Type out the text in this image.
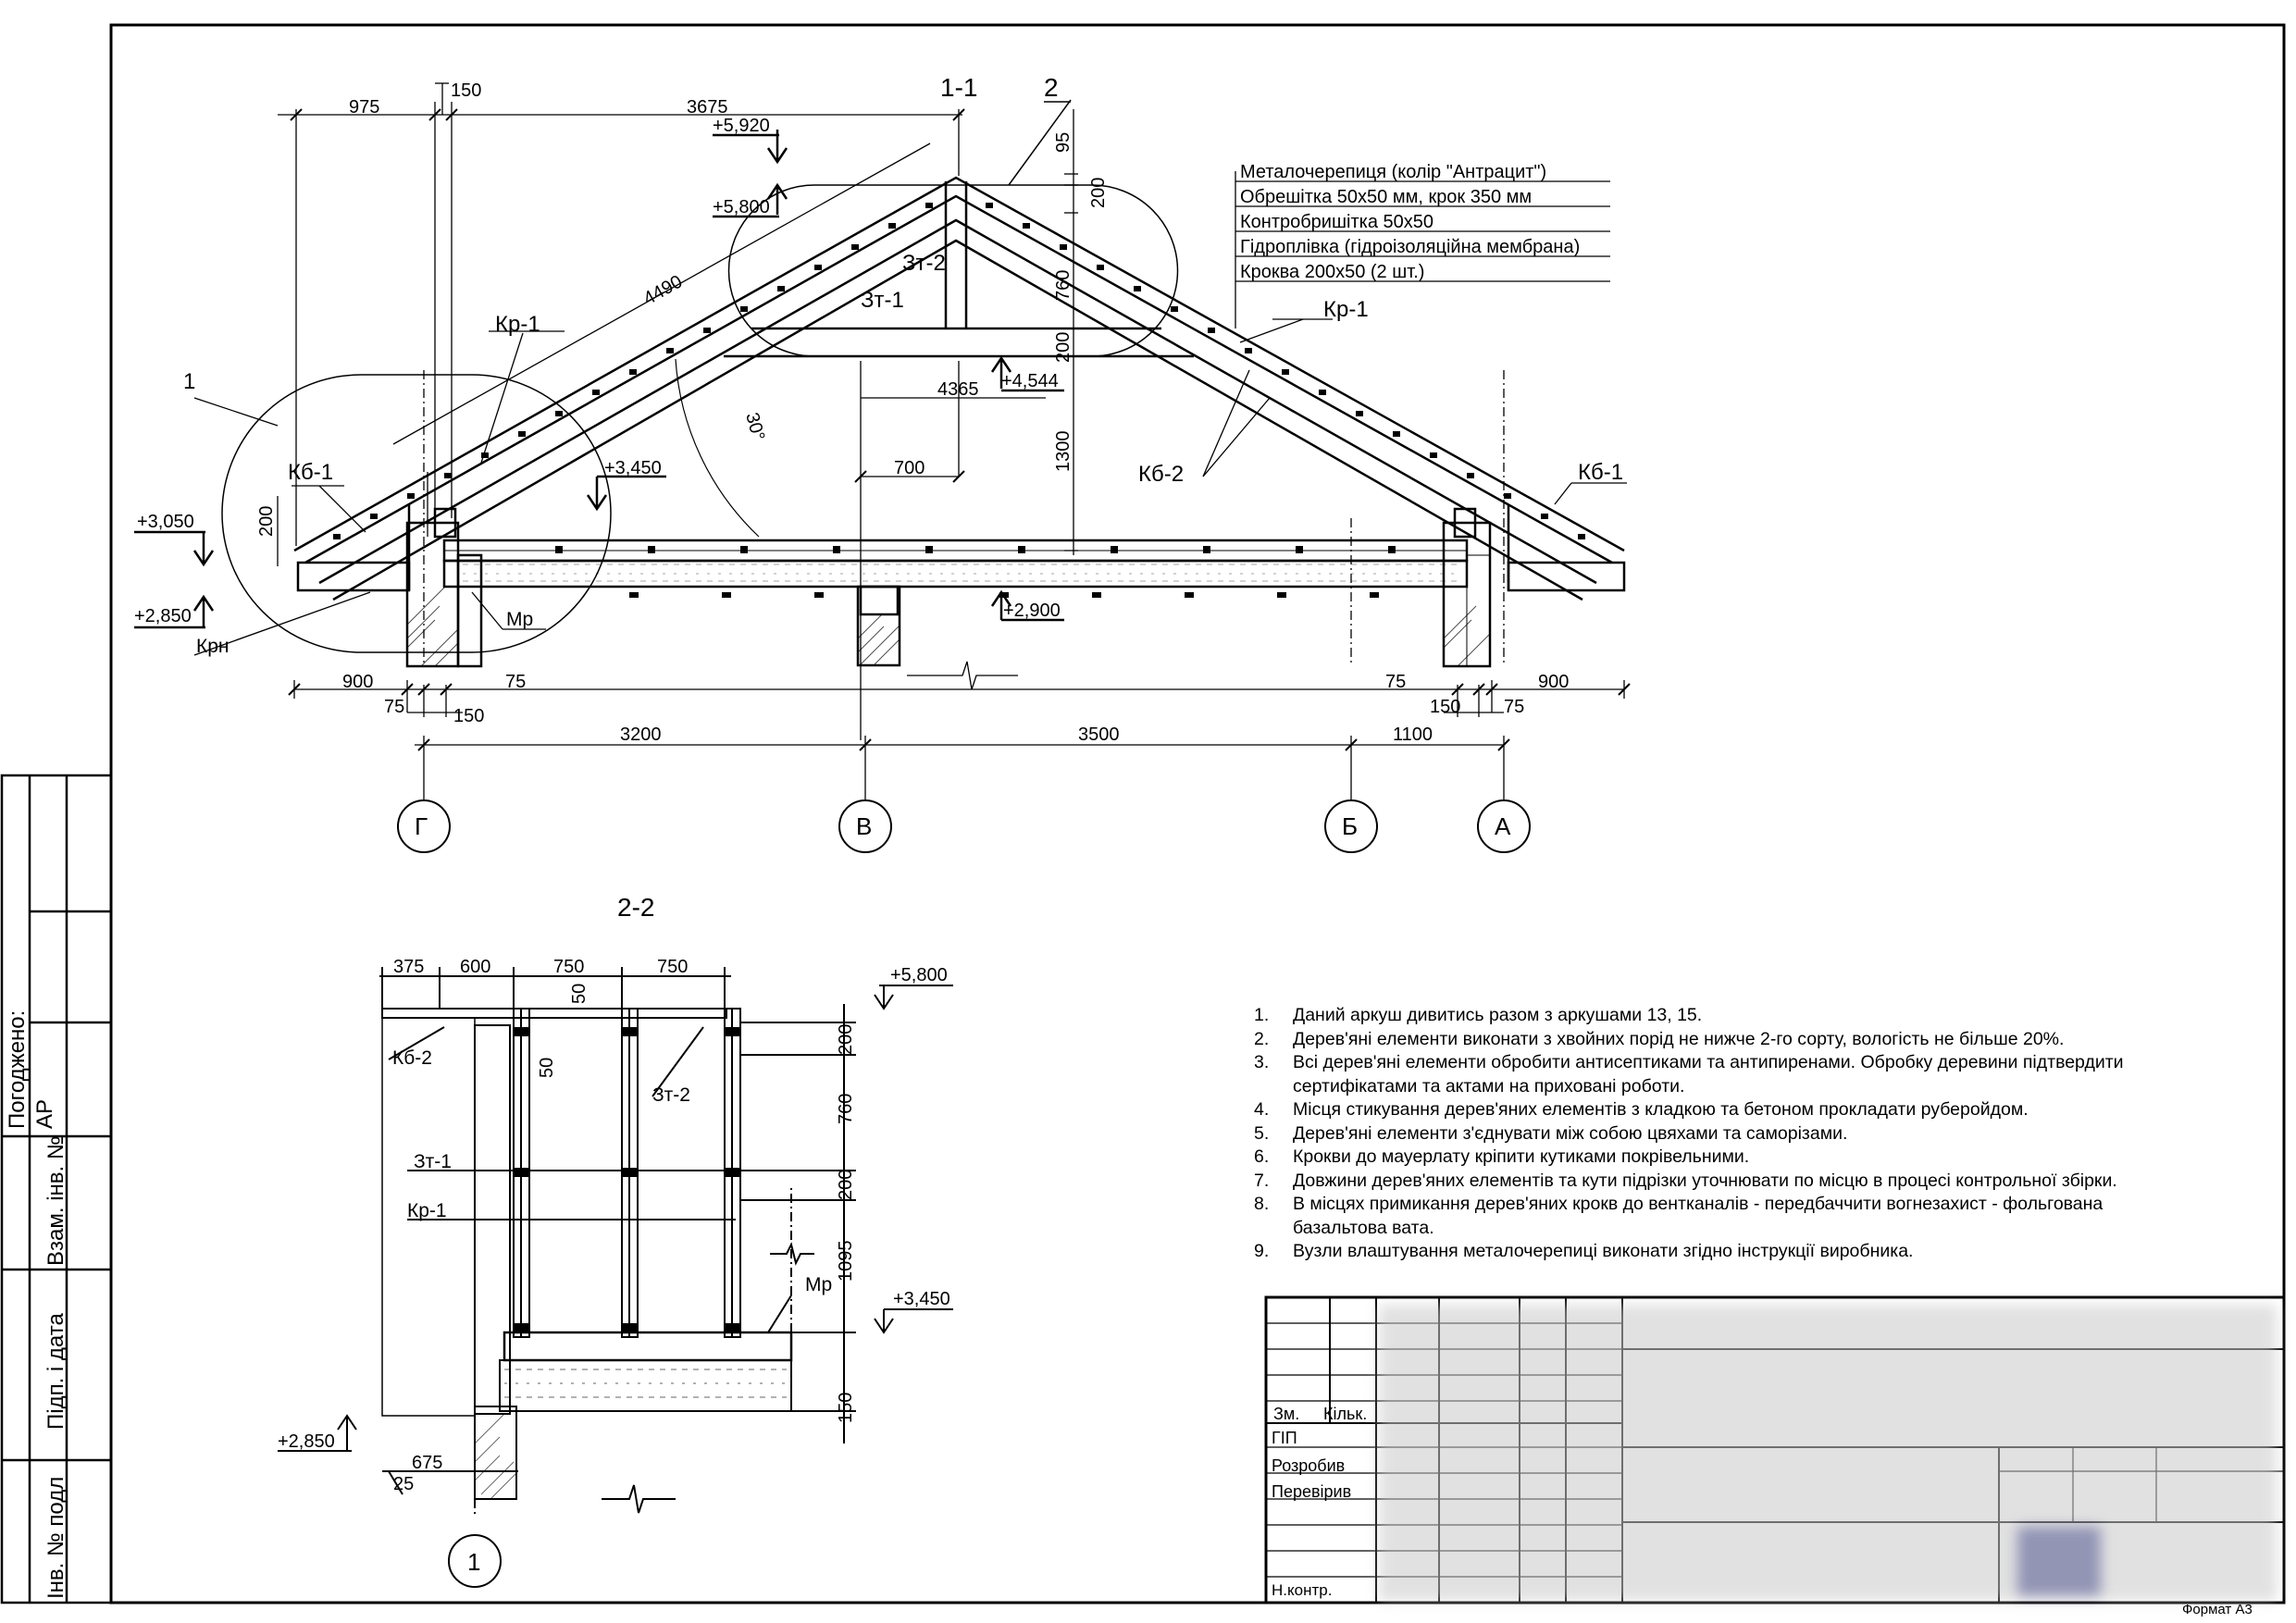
Погоджено: АР
Взам. інв. №
Підп. і дата
Інв. № подл
1-1	2
975
150
3675
95
200
760
200
1300
4490
4365
700
200
30°
+5,920
+5,800
+4,544
+3,450
+3,050
+2,850	+2,900
1
Кр-1
Кр-1
Зт-2
Зт-1
Кб-1	Кб-1
Кб-2
Мр
Крн
Металочерепиця (колір "Антрацит")
Обрешітка 50х50 мм, крок 350 мм
Контробришітка 50х50
Гідроплівка (гідроізоляційна мембрана)
Кроква 200х50 (2 шт.)
900
75
75
150
75	900
150 75
3200	3500	1100
Г	В	Б	А
2-2
375 600	750	750
50
50
200
760
200
1095
150
+5,800
+3,450
+2,850
Кб-2
Зт-2
Зт-1
Кр-1
Мр
675
25
1
Зм. Кільк.
ГІП
Розробив
Перевірив
Н.контр.
1.	Даний аркуш дивитись разом з аркушами 13, 15.
2.	Дерев'яні елементи виконати з хвойних порід не нижче 2-го сорту, вологість не більше 20%.
3.	Всі дерев'яні елементи обробити антисептиками та антипиренами. Обробку деревини підтвердити сертифікатами та актами на приховані роботи.
4.	Місця стикування дерев'яних елементів з кладкою та бетоном прокладати руберойдом.
5.	Дерев'яні елементи з'єднувати між собою цвяхами та саморізами.
6.	Крокви до мауерлату кріпити кутиками покрівельними.
7.	Довжини дерев'яних елементів та кути підрізки уточнювати по місцю в процесі контрольної збірки.
8.	В місцях примикання дерев'яних крокв до вентканалів - передбаччити вогнезахист - фольгована базальтова вата.
9.	Вузли влаштування металочерепиці виконати згідно інструкції виробника.
Формат А3
